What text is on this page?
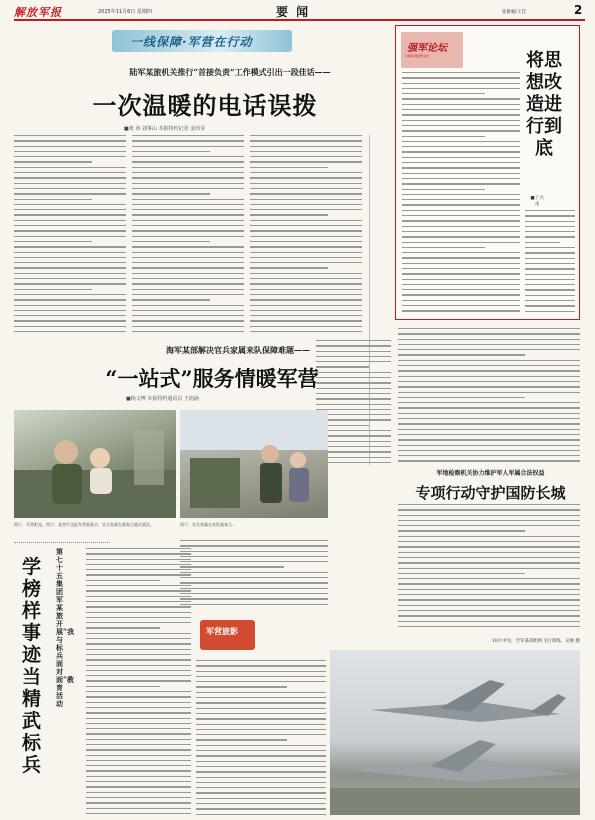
解放军报	2025年11月6日 星期四	要 闻	张雅楠/王佳	2
一线保障·军营在行动
陆军某旅机关推行“首接负责”工作模式引出一段佳话——
一次温暖的电话误拨
■黄 涛 刘事山 本报特约记者 金田芽
强军论坛
中国军网思想文化	将思想改造进行到底
■丁兴戎
海军某部解决官兵家属来队保障难题——
“一站式”服务情暖军营
■杨文博 本报特约通讯员 王润涵
图①：军营阳光。图②：某营中文报军营服务点，官兵家属在服务点就近就医。	图③：官兵家属在来队服务点…
第七十五集团军某旅开展“我与标兵面对面”教育活动
学榜样事迹 当精武标兵
军营旅影
军地检察机关协力维护军人军属合法权益
专项行动守护国防长城
10月中旬，空军某部组织飞行训练。吴俊 摄
